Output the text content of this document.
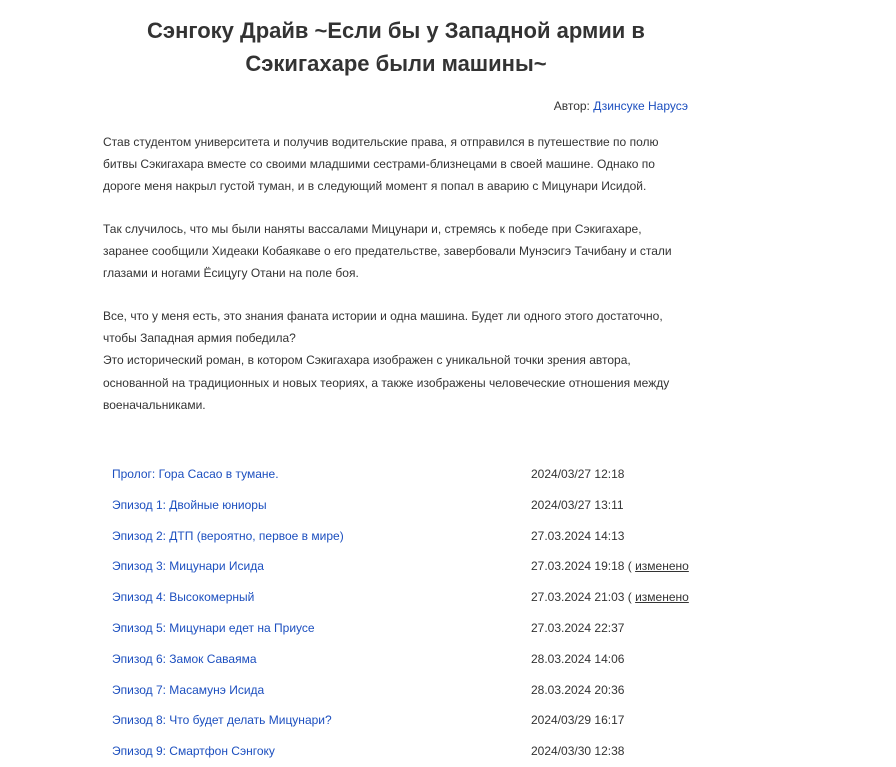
Сэнгоку Драйв ~Если бы у Западной армии в Сэкигахаре были машины~
Автор: Дзинсуке Нарусэ

Став студентом университета и получив водительские права, я отправился в путешествие по полю
битвы Сэкигахара вместе со своими младшими сестрами-близнецами в своей машине. Однако по
дороге меня накрыл густой туман, и в следующий момент я попал в аварию с Мицунари Исидой.

Так случилось, что мы были наняты вассалами Мицунари и, стремясь к победе при Сэкигахаре,
заранее сообщили Хидеаки Кобаякаве о его предательстве, завербовали Мунэсигэ Тачибану и стали
глазами и ногами Ёсицугу Отани на поле боя.

Все, что у меня есть, это знания фаната истории и одна машина. Будет ли одного этого достаточно,
чтобы Западная армия победила?
Это исторический роман, в котором Сэкигахара изображен с уникальной точки зрения автора,
основанной на традиционных и новых теориях, а также изображены человеческие отношения между
военачальниками.

Пролог: Гора Сасао в тумане.	2024/03/27 12:18
Эпизод 1: Двойные юниоры	2024/03/27 13:11
Эпизод 2: ДТП (вероятно, первое в мире)	27.03.2024 14:13
Эпизод 3: Мицунари Исида	27.03.2024 19:18 ( изменено
Эпизод 4: Высокомерный	27.03.2024 21:03 ( изменено
Эпизод 5: Мицунари едет на Приусе	27.03.2024 22:37
Эпизод 6: Замок Саваяма	28.03.2024 14:06
Эпизод 7: Масамунэ Исида	28.03.2024 20:36
Эпизод 8: Что будет делать Мицунари?	2024/03/29 16:17
Эпизод 9: Смартфон Сэнгоку	2024/03/30 12:38
